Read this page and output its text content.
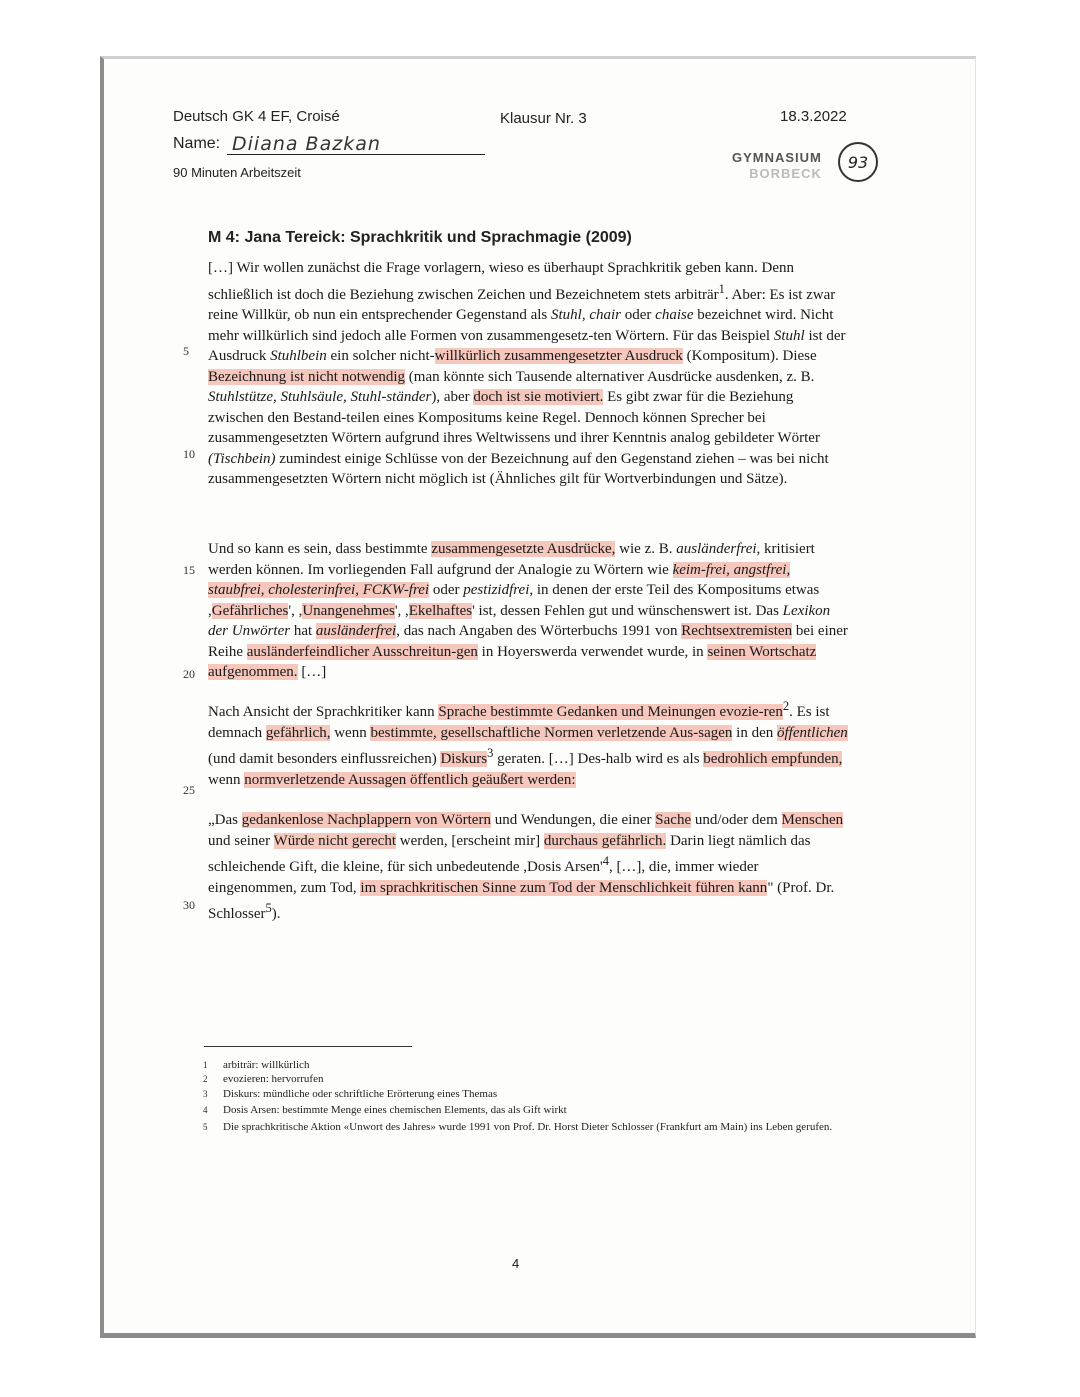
Deutsch GK 4 EF, Croisé	Klausur Nr. 3	18.3.2022
Name: Diiana Bazkan
90 Minuten Arbeitszeit
GYMNASIUM
BORBECK
93
M 4: Jana Tereick: Sprachkritik und Sprachmagie (2009)
5
10
15
20
25
30

[…] Wir wollen zunächst die Frage vorlagern, wieso es überhaupt Sprachkritik geben kann. Denn schließlich ist doch die Beziehung zwischen Zeichen und Bezeichnetem stets arbiträr$^1$. Aber: Es ist zwar reine Willkür, ob nun ein entsprechender Gegenstand als Stuhl, chair oder chaise bezeichnet wird. Nicht mehr willkürlich sind jedoch alle Formen von zusammengesetz-ten Wörtern. Für das Beispiel Stuhl ist der Ausdruck Stuhlbein ein solcher nicht-willkürlich zusammengesetzter Ausdruck (Kompositum). Diese Bezeichnung ist nicht notwendig (man könnte sich Tausende alternativer Ausdrücke ausdenken, z. B. Stuhlstütze, Stuhlsäule, Stuhl-ständer), aber doch ist sie motiviert. Es gibt zwar für die Beziehung zwischen den Bestand-teilen eines Kompositums keine Regel. Dennoch können Sprecher bei zusammengesetzten Wörtern aufgrund ihres Weltwissens und ihrer Kenntnis analog gebildeter Wörter (Tischbein) zumindest einige Schlüsse von der Bezeichnung auf den Gegenstand ziehen – was bei nicht zusammengesetzten Wörtern nicht möglich ist (Ähnliches gilt für Wortverbindungen und Sätze).

Und so kann es sein, dass bestimmte zusammengesetzte Ausdrücke, wie z. B. ausländerfrei, kritisiert werden können. Im vorliegenden Fall aufgrund der Analogie zu Wörtern wie keim-frei, angstfrei, staubfrei, cholesterinfrei, FCKW-frei oder pestizidfrei, in denen der erste Teil des Kompositums etwas ,Gefährliches', ,Unangenehmes', ,Ekelhaftes' ist, dessen Fehlen gut und wünschenswert ist. Das Lexikon der Unwörter hat ausländerfrei, das nach Angaben des Wörterbuchs 1991 von Rechtsextremisten bei einer Reihe ausländerfeindlicher Ausschreitun-gen in Hoyerswerda verwendet wurde, in seinen Wortschatz aufgenommen. […]

Nach Ansicht der Sprachkritiker kann Sprache bestimmte Gedanken und Meinungen evozie-ren$^2$. Es ist demnach gefährlich, wenn bestimmte, gesellschaftliche Normen verletzende Aus-sagen in den öffentlichen (und damit besonders einflussreichen) Diskurs$^3$ geraten. […] Des-halb wird es als bedrohlich empfunden, wenn normverletzende Aussagen öffentlich geäußert werden:

„Das gedankenlose Nachplappern von Wörtern und Wendungen, die einer Sache und/oder dem Menschen und seiner Würde nicht gerecht werden, [erscheint mir] durchaus gefährlich. Darin liegt nämlich das schleichende Gift, die kleine, für sich unbedeutende ,Dosis $Arsen'^4$, […], die, immer wieder eingenommen, zum Tod, im sprachkritischen Sinne zum Tod der Menschlichkeit führen kann" (Prof. Dr. Schlosser$^5$).

1 arbiträr: willkürlich
2 evozieren: hervorrufen
3 Diskurs: mündliche oder schriftliche Erörterung eines Themas
4 Dosis Arsen: bestimmte Menge eines chemischen Elements, das als Gift wirkt
5 Die sprachkritische Aktion «Unwort des Jahres» wurde 1991 von Prof. Dr. Horst Dieter Schlosser (Frankfurt am Main) ins Leben gerufen.
4
